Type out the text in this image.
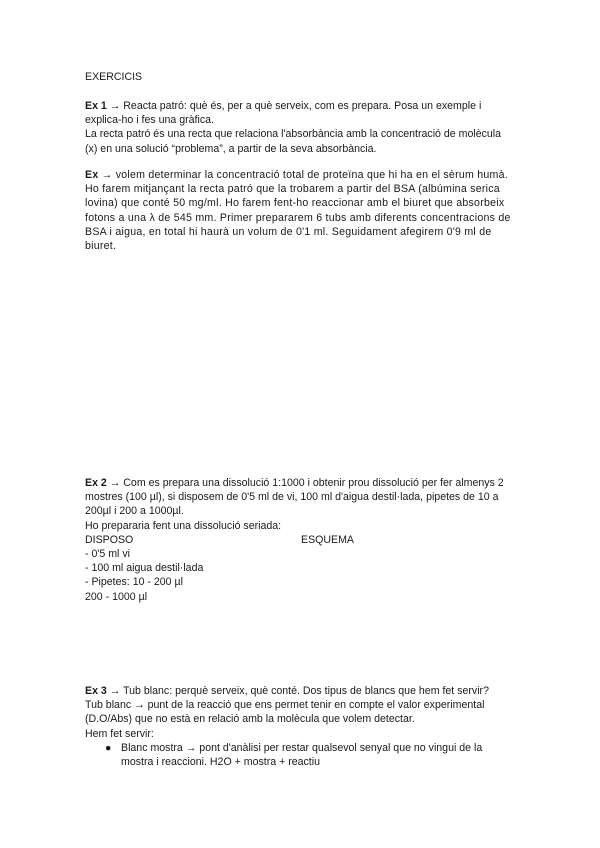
EXERCICIS

Ex 1 → Reacta patró: què és, per a què serveix, com es prepara. Posa un exemple i explica-ho i fes una gràfica.

La recta patró és una recta que relaciona l'absorbància amb la concentració de molècula (x) en una solució “problema”, a partir de la seva absorbància.

Ex → volem determinar la concentració total de proteïna que hi ha en el sèrum humà. Ho farem mitjançant la recta patró que la trobarem a partir del BSA (albúmina serica lovina) que conté 50 mg/ml. Ho farem fent-ho reaccionar amb el biuret que absorbeix fotons a una λ de 545 mm. Primer prepararem 6 tubs amb diferents concentracions de BSA i aigua, en total hi haurà un volum de 0'1 ml. Seguidament afegirem 0'9 ml de biuret.

Ex 2 → Com es prepara una dissolució 1:1000 i obtenir prou dissolució per fer almenys 2 mostres (100 µl), si disposem de 0'5 ml de vi, 100 ml d'aigua destil·lada, pipetes de 10 a 200µl i 200 a 1000µl.

Ho prepararia fent una dissolució seriada:

DISPOSO	ESQUEMA

- 0'5 ml vi

- 100 ml aigua destil·lada

- Pipetes: 10 - 200 µl

200 - 1000 µl

Ex 3 → Tub blanc: perquè serveix, què conté. Dos tipus de blancs que hem fet servir?

Tub blanc → punt de la reacció que ens permet tenir en compte el valor experimental (D.O/Abs) que no està en relació amb la molècula que volem detectar.

Hem fet servir:

● Blanc mostra → pont d'anàlisi per restar qualsevol senyal que no vingui de la mostra i reaccioni. H2O + mostra + reactiu
